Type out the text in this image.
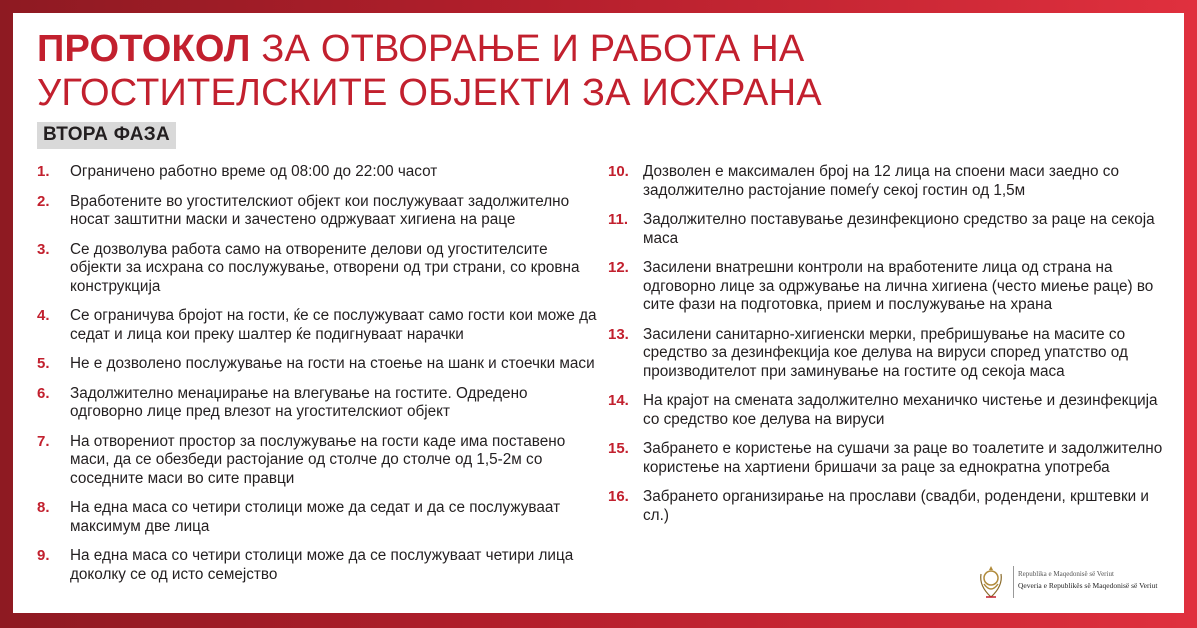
ПРОТОКОЛ ЗА ОТВОРАЊЕ И РАБОТА НА
УГОСТИТЕЛСКИТЕ ОБЈЕКТИ ЗА ИСХРАНА
ВТОРА ФАЗА
1.	Ограничено работно време од 08:00 до 22:00 часот
2.	Вработените во угостителскиот објект кои послужуваат задолжително носат заштитни маски и зачестено одржуваат хигиена на раце
3.	Се дозволува работа само на отворените делови од угостителсите објекти за исхрана со послужување, отворени од три страни, со кровна конструкција
4.	Се ограничува бројот на гости, ќе се послужуваат само гости кои може да седат и лица кои преку шалтер ќе подигнуваат нарачки
5.	Не е дозволено послужување на гости на стоење на шанк и стоечки маси
6.	Задолжително менаџирање на влегување на гостите. Одредено одговорно лице пред влезот на угостителскиот објект
7.	На отворениот простор за послужување на гости каде има поставено маси, да се обезбеди растојание од столче до столче од 1,5-2м со соседните маси во сите правци
8.	На една маса со четири столици може да седат и да се послужуваат максимум две лица
9.	На една маса со четири столици може да се послужуваат четири лица доколку се од исто семејство
10. Дозволен е максимален број на 12 лица на споени маси заедно со задолжително растојание помеѓу секој гостин од 1,5м
11. Задолжително поставување дезинфекционо средство за раце на секоја маса
12. Засилени внатрешни контроли на вработените лица од страна на одговорно лице за одржување на лична хигиена (често миење раце) во сите фази на подготовка, прием и послужување на храна
13. Засилени санитарно-хигиенски мерки, пребришување на масите со средство за дезинфекција кое делува на вируси според упатство од производителот при заминување на гостите од секоја маса
14. На крајот на смената задолжително механичко чистење и дезинфекција со средство кое делува на вируси
15. Забрането е користење на сушачи за раце во тоалетите и задолжително користење на хартиени бришачи за раце за еднократна употреба
16. Забрането организирање на прослави (свадби, родендени, крштевки и сл.)
Republika e Maqedonisë së Veriut
Qeveria e Republikës së Maqedonisë së Veriut
